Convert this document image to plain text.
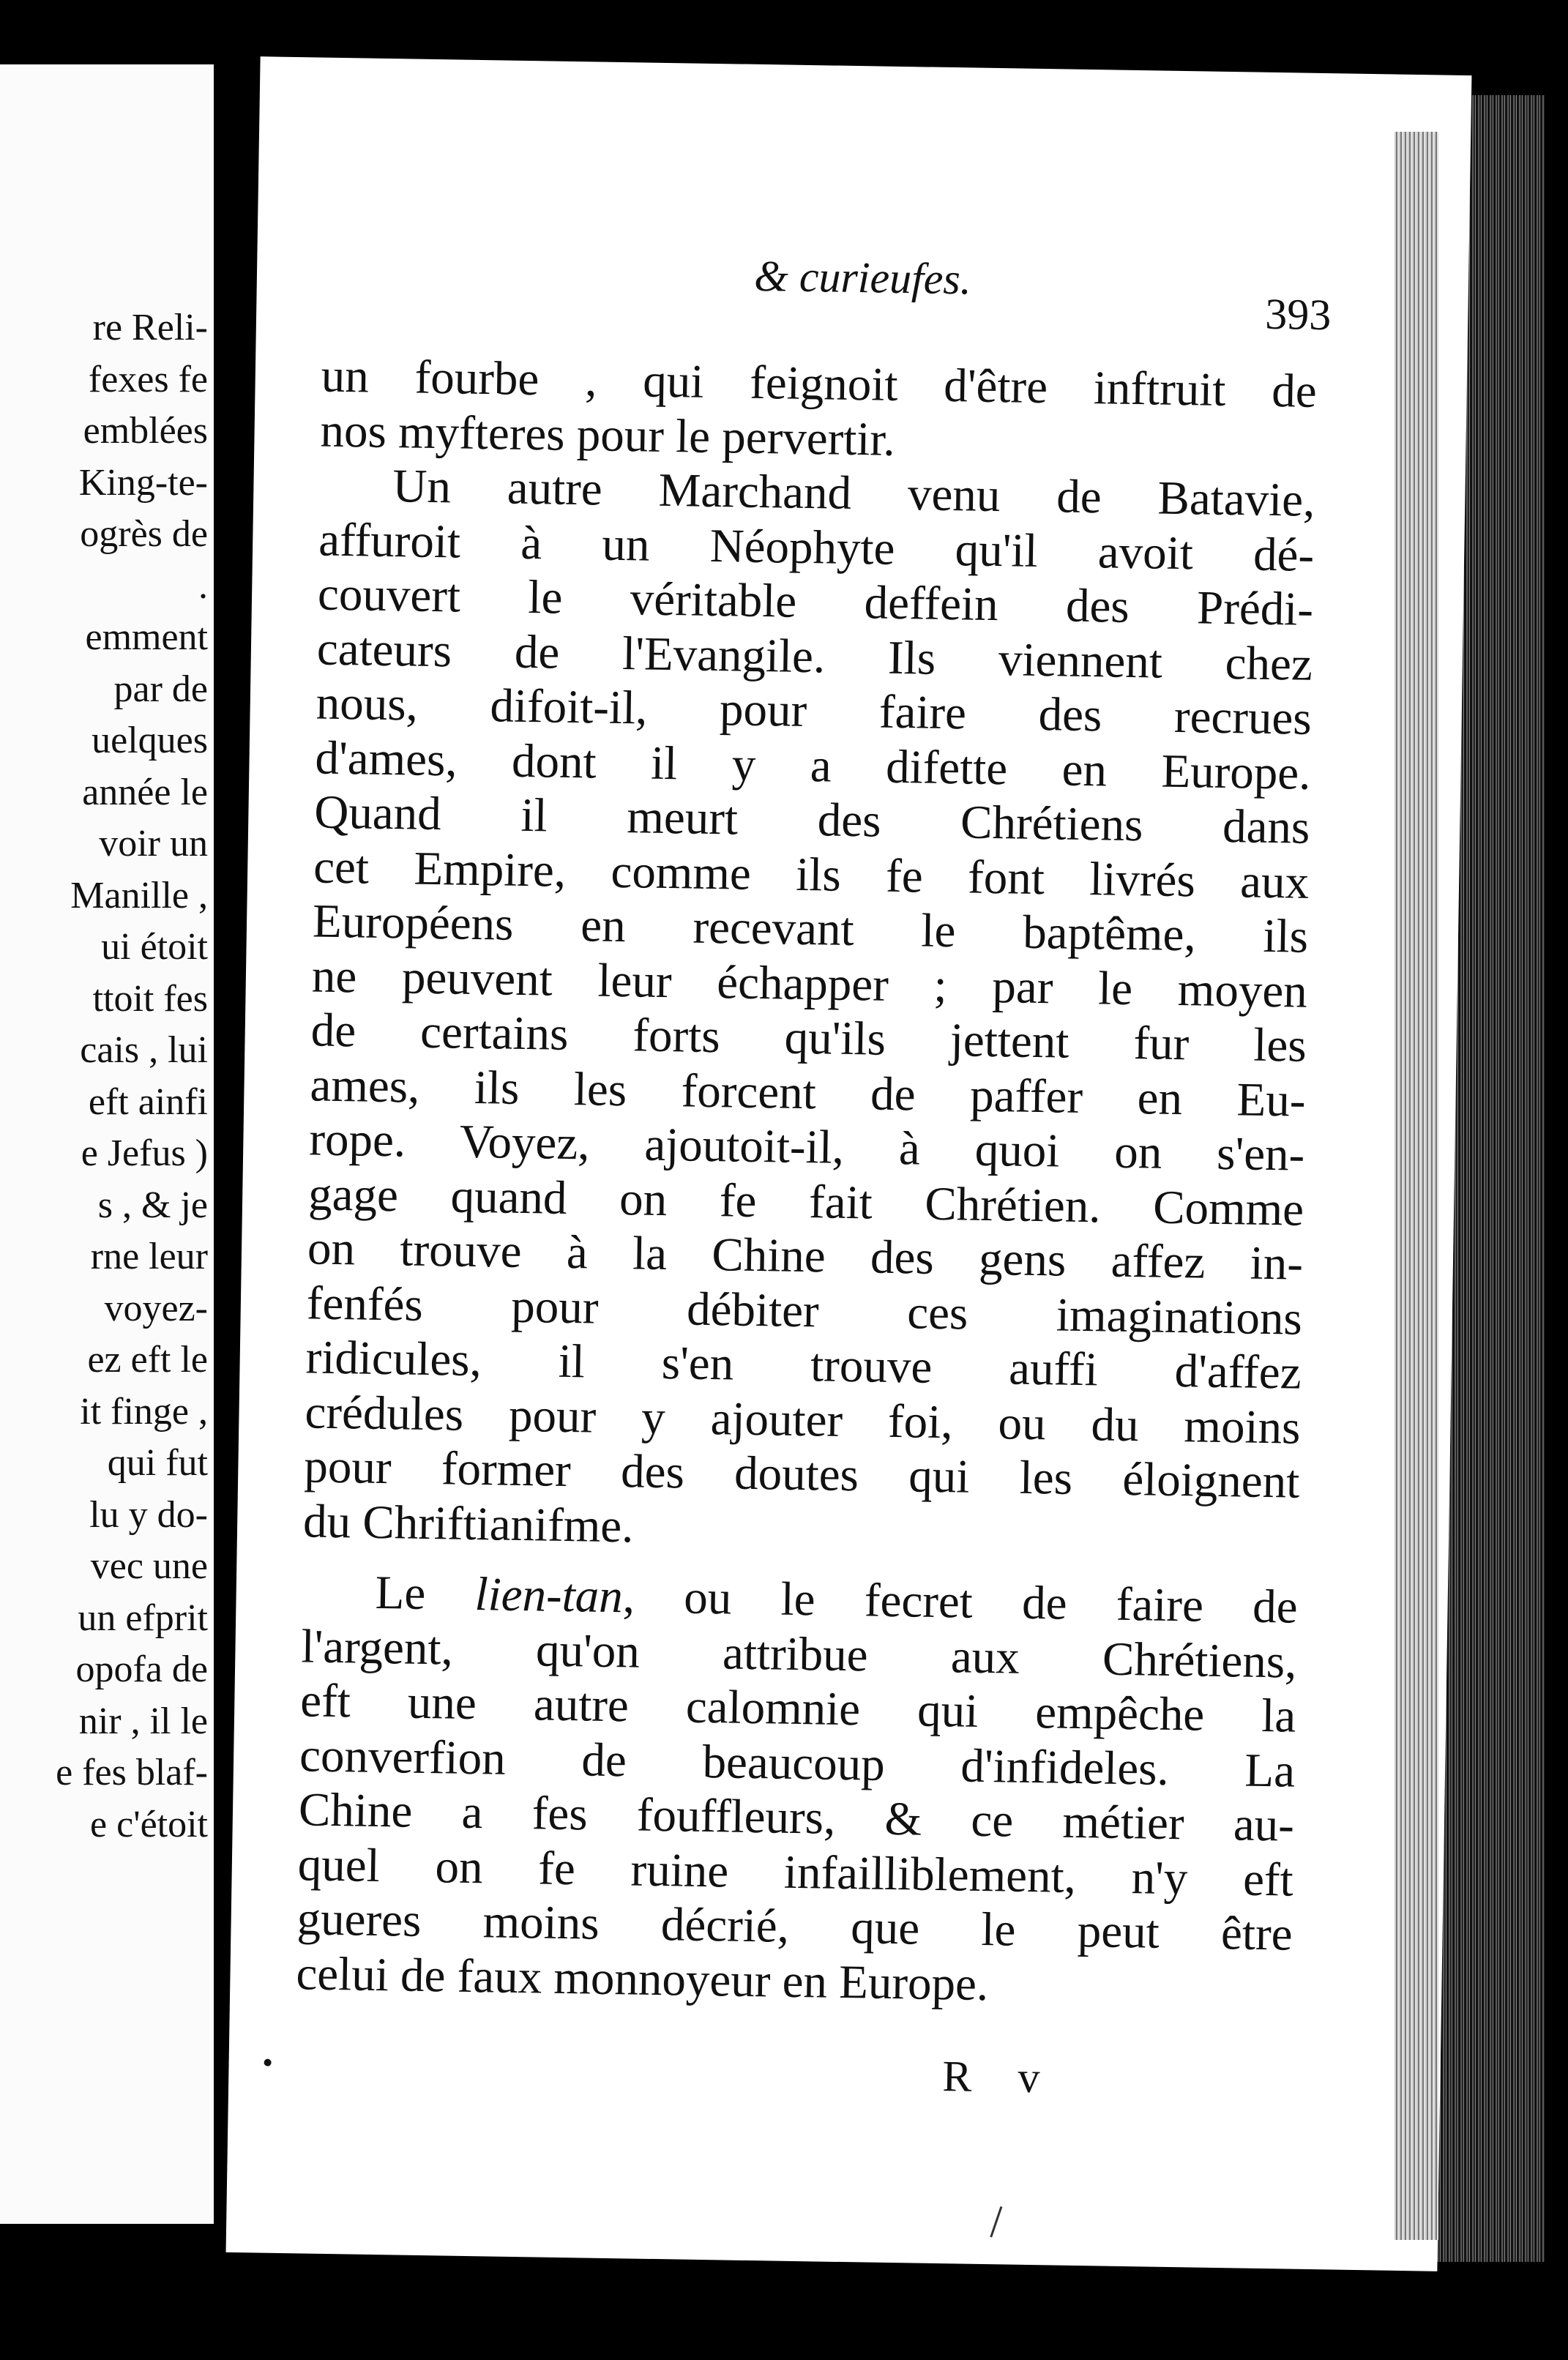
re Reli-
fexes fe
emblées
King-te-
ogrès de
.
emment
par de
uelques
année le
voir un
Manille ,
ui étoit
ttoit fes
cais , lui
eft ainfi
e Jefus )
s , & je
rne leur
voyez-
ez eft le
it finge ,
qui fut
lu y do-
vec une
un efprit
opofa de
nir , il le
e fes blaf-
e c'étoit
& curieufes.
393
un fourbe , qui feignoit d'être inftruit de
nos myfteres pour le pervertir.
Un autre Marchand venu de Batavie,
affuroit à un Néophyte qu'il avoit dé-
couvert le véritable deffein des Prédi-
cateurs de l'Evangile. Ils viennent chez
nous, difoit-il, pour faire des recrues
d'ames, dont il y a difette en Europe.
Quand il meurt des Chrétiens dans
cet Empire, comme ils fe font livrés aux
Européens en recevant le baptême, ils
ne peuvent leur échapper ; par le moyen
de certains forts qu'ils jettent fur les
ames, ils les forcent de paffer en Eu-
rope. Voyez, ajoutoit-il, à quoi on s'en-
gage quand on fe fait Chrétien. Comme
on trouve à la Chine des gens affez in-
fenfés pour débiter ces imaginations
ridicules, il s'en trouve auffi d'affez
crédules pour y ajouter foi, ou du moins
pour former des doutes qui les éloignent
du Chriftianifme.
Le lien-tan, ou le fecret de faire de
l'argent, qu'on attribue aux Chrétiens,
eft une autre calomnie qui empêche la
converfion de beaucoup d'infideles. La
Chine a fes fouffleurs, & ce métier au-
quel on fe ruine infailliblement, n'y eft
gueres moins décrié, que le peut être
celui de faux monnoyeur en Europe.
R v
